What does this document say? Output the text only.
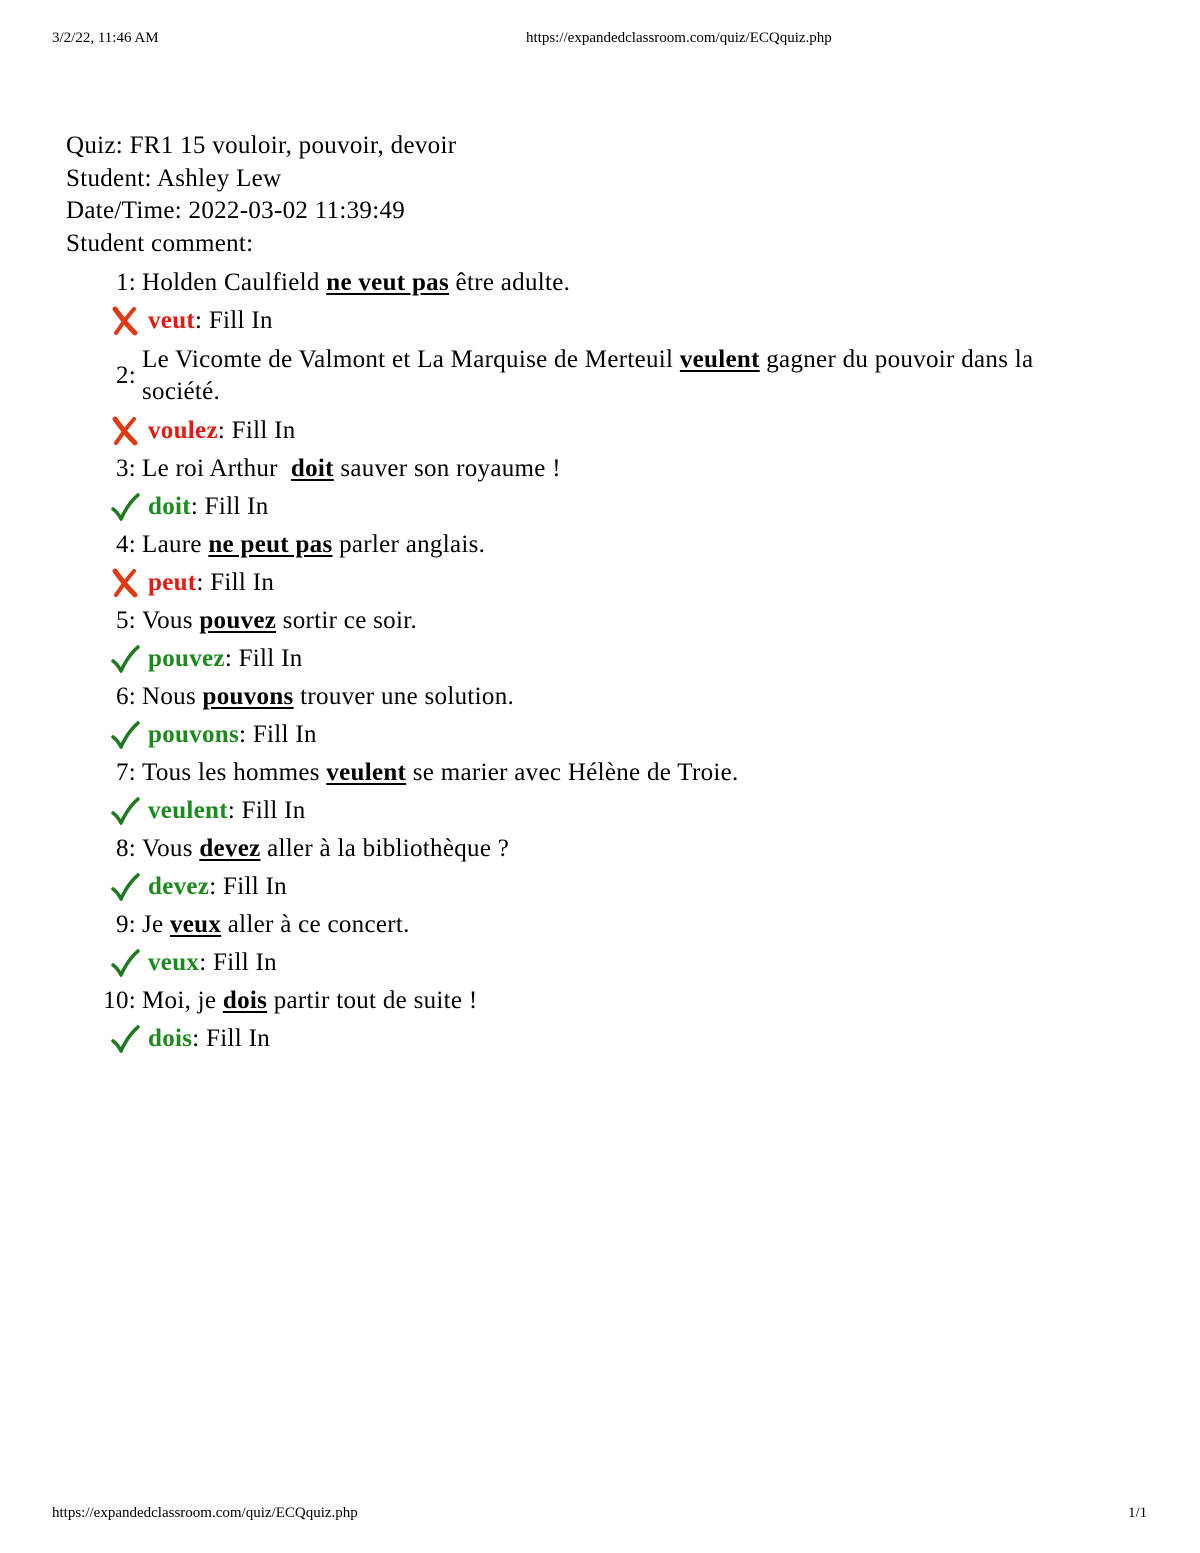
3/2/22, 11:46 AM	https://expandedclassroom.com/quiz/ECQquiz.php
Quiz: FR1 15 vouloir, pouvoir, devoir
Student: Ashley Lew
Date/Time: 2022-03-02 11:39:49
Student comment:
1: Holden Caulfield ne veut pas être adulte.
veut: Fill In
2:
Le Vicomte de Valmont et La Marquise de Merteuil veulent gagner du pouvoir dans la
société.
voulez: Fill In
3: Le roi Arthur  doit sauver son royaume !
doit: Fill In
4: Laure ne peut pas parler anglais.
peut: Fill In
5: Vous pouvez sortir ce soir.
pouvez: Fill In
6: Nous pouvons trouver une solution.
pouvons: Fill In
7: Tous les hommes veulent se marier avec Hélène de Troie.
veulent: Fill In
8: Vous devez aller à la bibliothèque ?
devez: Fill In
9: Je veux aller à ce concert.
veux: Fill In
10: Moi, je dois partir tout de suite !
dois: Fill In
https://expandedclassroom.com/quiz/ECQquiz.php	1/1
